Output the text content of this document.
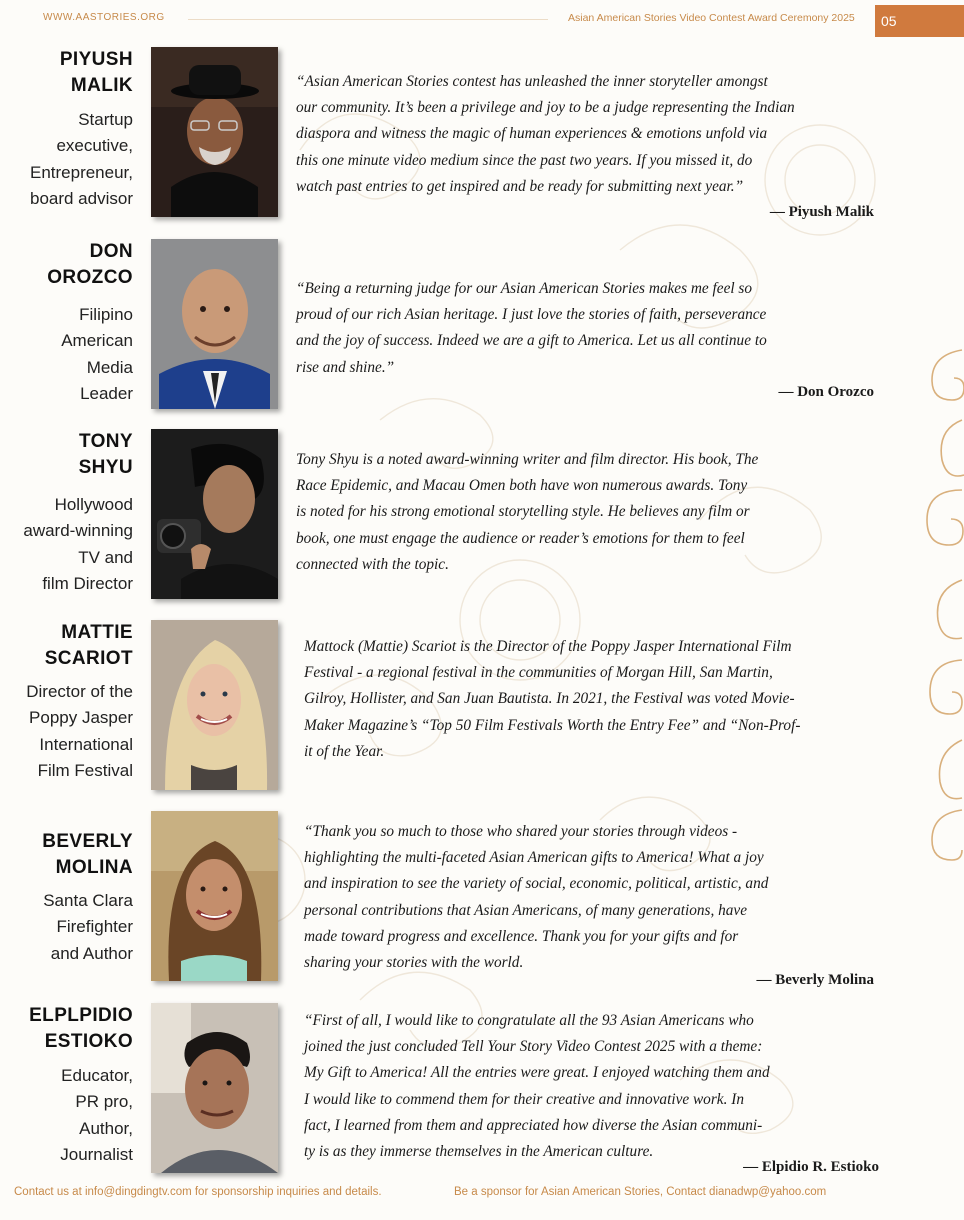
WWW.AASTORIES.ORG	Asian American Stories Video Contest Award Ceremony 2025 05
PIYUSH
MALIK
Startup
executive,
Entrepreneur,
board advisor
“Asian American Stories contest has unleashed the inner storyteller amongst
our community. It’s been a privilege and joy to be a judge representing the Indian
diaspora and witness the magic of human experiences & emotions unfold via
this one minute video medium since the past two years. If you missed it, do
watch past entries to get inspired and be ready for submitting next year.”
— Piyush Malik
DON
OROZCO
Filipino
American
Media
Leader
“Being a returning judge for our Asian American Stories makes me feel so
proud of our rich Asian heritage. I just love the stories of faith, perseverance
and the joy of success. Indeed we are a gift to America. Let us all continue to
rise and shine.”
— Don Orozco
TONY
SHYU
Hollywood
award-winning
TV and
film Director
Tony Shyu is a noted award-winning writer and film director. His book, The
Race Epidemic, and Macau Omen both have won numerous awards. Tony
is noted for his strong emotional storytelling style. He believes any film or
book, one must engage the audience or reader’s emotions for them to feel
connected with the topic.
MATTIE
SCARIOT
Director of the
Poppy Jasper
International
Film Festival
Mattock (Mattie) Scariot is the Director of the Poppy Jasper International Film
Festival - a regional festival in the communities of Morgan Hill, San Martin,
Gilroy, Hollister, and San Juan Bautista. In 2021, the Festival was voted Movie-
Maker Magazine’s “Top 50 Film Festivals Worth the Entry Fee” and “Non-Prof-
it of the Year.
BEVERLY
MOLINA
Santa Clara
Firefighter
and Author
“Thank you so much to those who shared your stories through videos -
highlighting the multi-faceted Asian American gifts to America! What a joy
and inspiration to see the variety of social, economic, political, artistic, and
personal contributions that Asian Americans, of many generations, have
made toward progress and excellence. Thank you for your gifts and for
sharing your stories with the world.
— Beverly Molina
ELPLPIDIO
ESTIOKO
Educator,
PR pro,
Author,
Journalist
“First of all, I would like to congratulate all the 93 Asian Americans who
joined the just concluded Tell Your Story Video Contest 2025 with a theme:
My Gift to America! All the entries were great. I enjoyed watching them and
I would like to commend them for their creative and innovative work. In
fact, I learned from them and appreciated how diverse the Asian communi-
ty is as they immerse themselves in the American culture.
— Elpidio R. Estioko
Contact us at info@dingdingtv.com for sponsorship inquiries and details.	Be a sponsor for Asian American Stories, Contact dianadwp@yahoo.com
